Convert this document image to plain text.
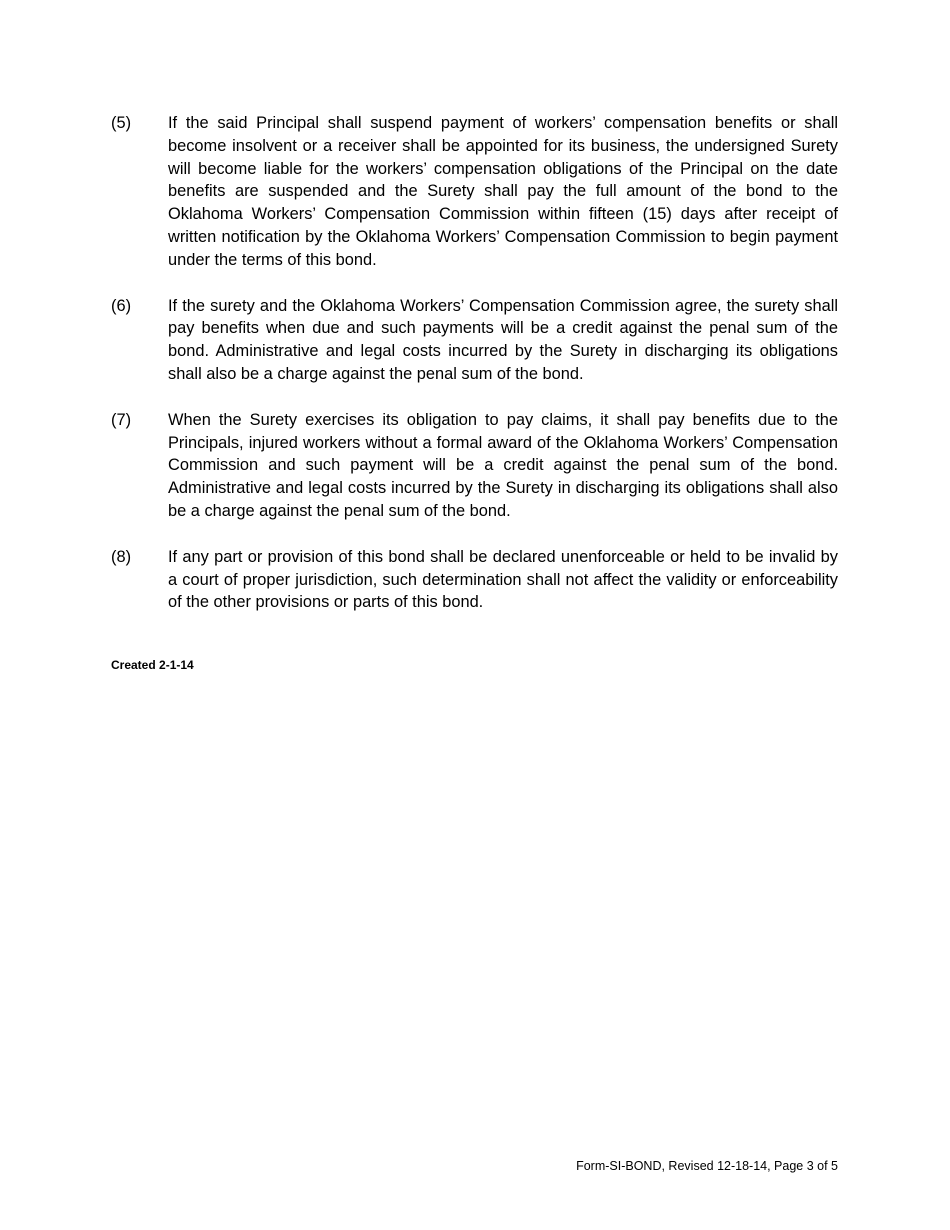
(5)	If the said Principal shall suspend payment of workers’ compensation benefits or shall become insolvent or a receiver shall be appointed for its business, the undersigned Surety will become liable for the workers’ compensation obligations of the Principal on the date benefits are suspended and the Surety shall pay the full amount of the bond to the Oklahoma Workers’ Compensation Commission within fifteen (15) days after receipt of written notification by the Oklahoma Workers’ Compensation Commission to begin payment under the terms of this bond.

(6)	If the surety and the Oklahoma Workers’ Compensation Commission agree, the surety shall pay benefits when due and such payments will be a credit against the penal sum of the bond. Administrative and legal costs incurred by the Surety in discharging its obligations shall also be a charge against the penal sum of the bond.

(7)	When the Surety exercises its obligation to pay claims, it shall pay benefits due to the Principals, injured workers without a formal award of the Oklahoma Workers’ Compensation Commission and such payment will be a credit against the penal sum of the bond. Administrative and legal costs incurred by the Surety in discharging its obligations shall also be a charge against the penal sum of the bond.

(8)	If any part or provision of this bond shall be declared unenforceable or held to be invalid by a court of proper jurisdiction, such determination shall not affect the validity or enforceability of the other provisions or parts of this bond.

Created 2-1-14
Form-SI-BOND, Revised 12-18-14, Page 3 of 5
